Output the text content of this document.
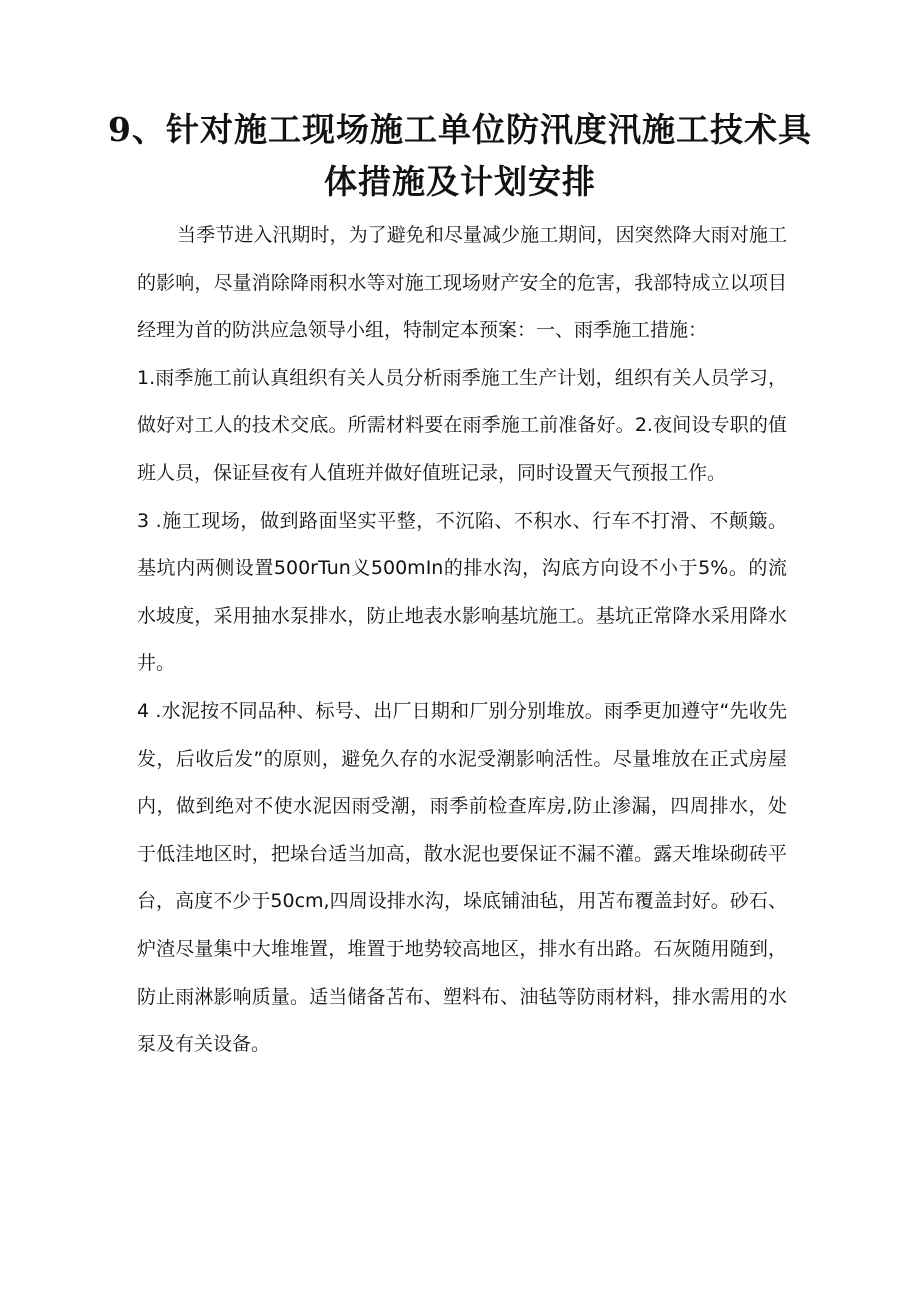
9、针对施工现场施工单位防汛度汛施工技术具体措施及计划安排

当季节进入汛期时，为了避免和尽量减少施工期间，因突然降大雨对施工的影响，尽量消除降雨积水等对施工现场财产安全的危害，我部特成立以项目经理为首的防洪应急领导小组，特制定本预案：一、雨季施工措施：

1.雨季施工前认真组织有关人员分析雨季施工生产计划，组织有关人员学习，做好对工人的技术交底。所需材料要在雨季施工前准备好。2.夜间设专职的值班人员，保证昼夜有人值班并做好值班记录，同时设置天气预报工作。

3 .施工现场，做到路面坚实平整，不沉陷、不积水、行车不打滑、不颠簸。基坑内两侧设置500rTun义500mIn的排水沟，沟底方向设不小于5%。的流水坡度，采用抽水泵排水，防止地表水影响基坑施工。基坑正常降水采用降水井。

4 .水泥按不同品种、标号、出厂日期和厂别分别堆放。雨季更加遵守“先收先发，后收后发”的原则，避免久存的水泥受潮影响活性。尽量堆放在正式房屋内，做到绝对不使水泥因雨受潮，雨季前检查库房,防止渗漏，四周排水，处于低洼地区时，把垛台适当加高，散水泥也要保证不漏不灌。露天堆垛砌砖平台，高度不少于50cm,四周设排水沟，垛底铺油毡，用苫布覆盖封好。砂石、炉渣尽量集中大堆堆置，堆置于地势较高地区，排水有出路。石灰随用随到，防止雨淋影响质量。适当储备苫布、塑料布、油毡等防雨材料，排水需用的水泵及有关设备。
